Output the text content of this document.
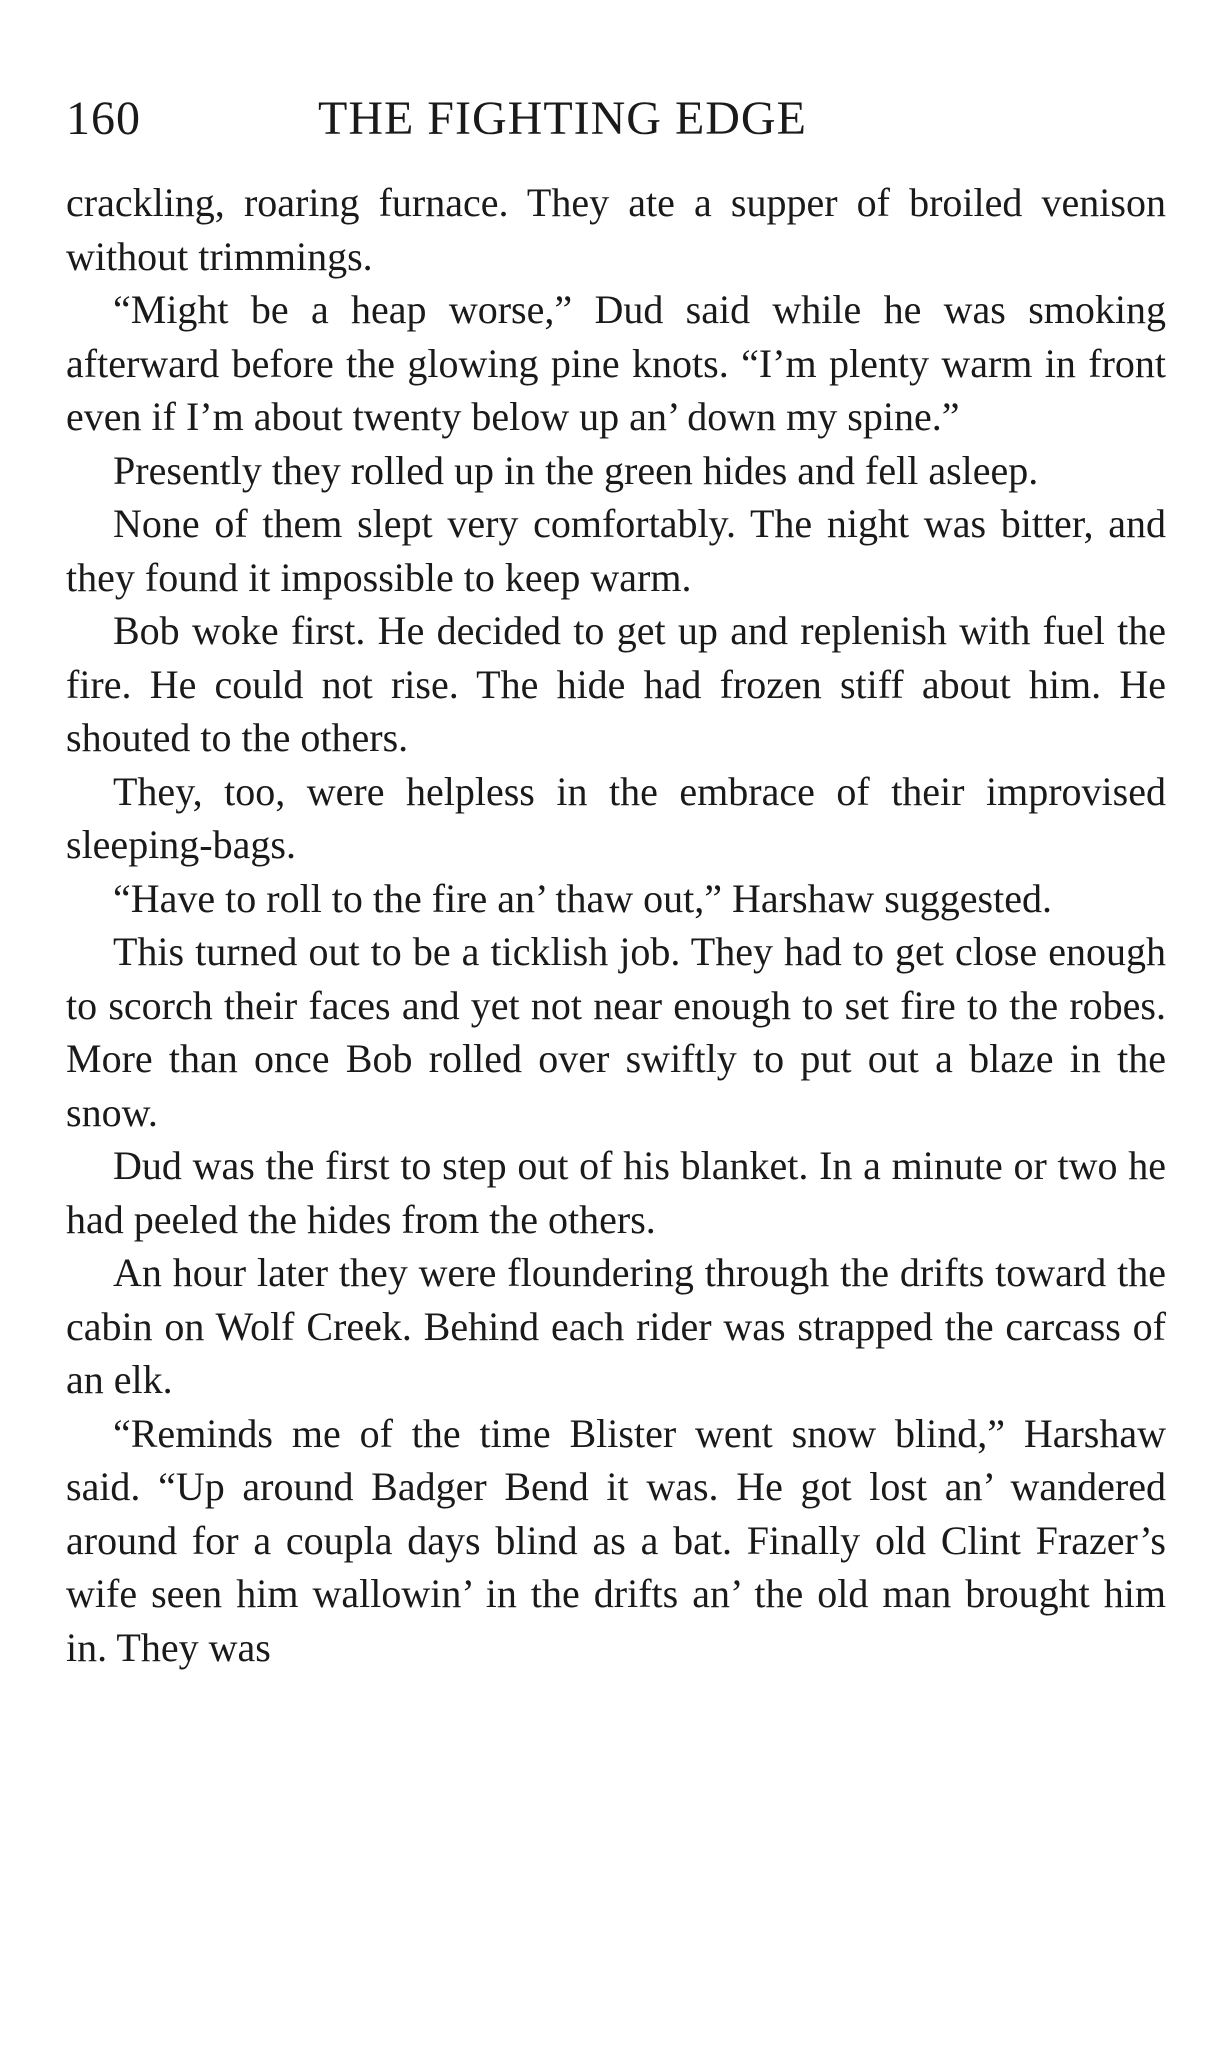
160	THE FIGHTING EDGE

crackling, roaring furnace. They ate a supper of broiled venison without trimmings.

“Might be a heap worse,” Dud said while he was smoking afterward before the glowing pine knots. “I’m plenty warm in front even if I’m about twenty below up an’ down my spine.”

Presently they rolled up in the green hides and fell asleep.

None of them slept very comfortably. The night was bitter, and they found it impossible to keep warm.

Bob woke first. He decided to get up and replenish with fuel the fire. He could not rise. The hide had frozen stiff about him. He shouted to the others.

They, too, were helpless in the embrace of their improvised sleeping-bags.

“Have to roll to the fire an’ thaw out,” Harshaw suggested.

This turned out to be a ticklish job. They had to get close enough to scorch their faces and yet not near enough to set fire to the robes. More than once Bob rolled over swiftly to put out a blaze in the snow.

Dud was the first to step out of his blanket. In a minute or two he had peeled the hides from the others.

An hour later they were floundering through the drifts toward the cabin on Wolf Creek. Behind each rider was strapped the carcass of an elk.

“Reminds me of the time Blister went snow blind,” Harshaw said. “Up around Badger Bend it was. He got lost an’ wandered around for a coupla days blind as a bat. Finally old Clint Frazer’s wife seen him wallowin’ in the drifts an’ the old man brought him in. They was
